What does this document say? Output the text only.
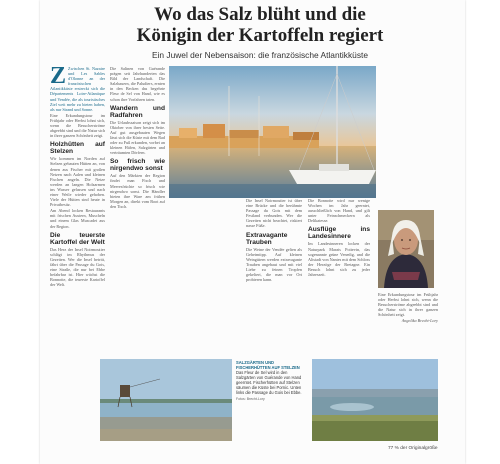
Wo das Salz blüht und die
Königin der Kartoffeln regiert
Ein Juwel der Nebensaison: die französische Atlantikküste

Z Zwischen St. Nazaire und Les Sables d'Olonne an der französischen Atlantikküste erstreckt sich die Départements Loire-Atlantique und Vendée, die als touristisches Ziel weit mehr zu bieten haben, als nur Strand und Sonne.

Eine Erkundungstour im Frühjahr oder Herbst lohnt sich, wenn die Besucherströme abgeebbt sind und die Natur sich in ihrer ganzen Schönheit zeigt.

Holzhütten auf Stelzen

Wir kommen im Norden auf Stelzen gebauten Hütten an, von denen aus Fischer mit großen Netzen nach Aalen und kleinen Fischen angeln. Die Netze werden an langen Holzarmen ins Wasser gelassen und nach einer Weile wieder gehoben. Viele der Hütten sind heute in Privatbesitz.

Am Abend locken Restaurants mit frischen Austern, Muscheln und einem Glas Muscadet aus der Region.

Die teuerste Kartoffel der Welt

Das Herz der Insel Noirmoutier schlägt im Rhythmus der Gezeiten. Wer die Insel betritt, fährt über die Passage du Gois, eine Straße, die nur bei Ebbe befahrbar ist. Hier wächst die Bonnotte, die teuerste Kartoffel der Welt.

Die Salinen von Guérande prägen seit Jahrhunderten das Bild der Landschaft. Die Salzbauern, die Paludiers, ernten in den Becken das begehrte Fleur de Sel von Hand, wie es schon ihre Vorfahren taten.

Wandern und Radfahren

Die Urlaubssaison zeigt sich im Oktober von ihrer besten Seite. Auf gut ausgebauten Wegen lässt sich die Küste mit dem Rad oder zu Fuß erkunden, vorbei an kleinen Häfen, Salzgärten und verträumten Dörfern.

So frisch wie nirgendwo sonst

Auf den Märkten der Region findet man Fisch und Meeresfrüchte so frisch wie nirgendwo sonst. Die Händler bieten ihre Ware am frühen Morgen an, direkt vom Boot auf den Tisch.

Die Insel Noirmoutier ist über eine Brücke und die berühmte Passage du Gois mit dem Festland verbunden. Wer die Gezeiten nicht beachtet, riskiert nasse Füße.

Extravagante Trauben

Die Weine der Vendée gelten als Geheimtipp. Auf kleinen Weingütern werden extravagante Trauben angebaut und mit viel Liebe zu feinen Tropfen gekeltert, die man vor Ort probieren kann.

Die Bonnotte wird nur wenige Wochen im Jahr geerntet, ausschließlich von Hand, und gilt unter Feinschmeckern als Delikatesse.

Ausflüge ins Landesinnere

Im Landesinneren locken der Naturpark Marais Poitevin, das sogenannte grüne Venedig, und die Altstadt von Nantes mit dem Schloss der Herzöge der Bretagne. Ein Besuch lohnt sich zu jeder Jahreszeit.

Eine Erkundungstour im Frühjahr oder Herbst lohnt sich, wenn die Besucherströme abgeebbt sind und die Natur sich in ihrer ganzen Schönheit zeigt.

Angelika Brecht-Lory

SALZGÄRTEN UND FISCHERHÜTTEN AUF STELZEN
Das Fleur de Sel wird in den Salzgärten von Guérande von Hand geerntet. Fischerhütten auf Stelzen säumen die Küste bei Pornic. Unten links die Passage du Gois bei Ebbe.
Fotos: Brecht-Lory
77 % der Originalgröße
